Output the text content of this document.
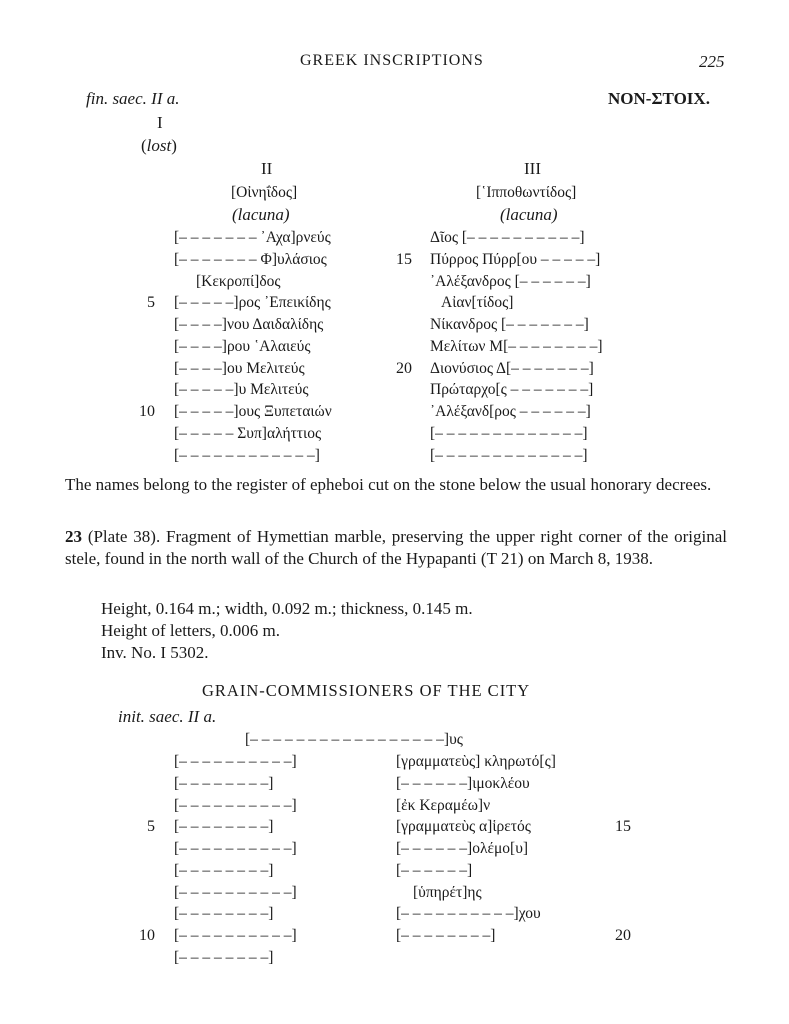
GREEK INSCRIPTIONS	225
fin. saec. II a.	NON-ΣΤΟΙΧ.
I
(lost)
II
[Οἰνηΐδος]
(lacuna)
III
[῾Ιπποθωντίδος]
(lacuna)
[– – – – – – – ᾿Αχα]ρνεύς
[– – – – – – – Φ]υλάσιος
[Κεκροπί]δος
[– – – – –]ρος ᾿Επεικίδης
[– – – –]νου Δαιδαλίδης
[– – – –]ρου ῾Αλαιεύς
[– – – –]ου Μελιτεύς
[– – – – –]υ Μελιτεύς
[– – – – –]ους Ξυπεταιών
[– – – – – Συπ]αλήττιος
[– – – – – – – – – – – –]
5
10
Δῖος [– – – – – – – – – –]
Πύρρος Πύρρ[ου – – – – –]
᾿Αλέξανδρος [– – – – – –]
Αἰαν[τίδος]
Νίκανδρος [– – – – – – –]
Μελίτων Μ[– – – – – – – –]
Διονύσιος Δ[– – – – – – –]
Πρώταρχο[ς – – – – – – –]
᾿Αλέξανδ[ρος – – – – – –]
[– – – – – – – – – – – – –]
[– – – – – – – – – – – – –]
15
20
The names belong to the register of epheboi cut on the stone below the usual honorary decrees.
23 (Plate 38). Fragment of Hymettian marble, preserving the upper right corner of the original stele, found in the north wall of the Church of the Hypapanti (T 21) on March 8, 1938.
Height, 0.164 m.; width, 0.092 m.; thickness, 0.145 m.
Height of letters, 0.006 m.
Inv. No. I 5302.
GRAIN-COMMISSIONERS OF THE CITY
init. saec. II a.
[– – – – – – – – – – – – – – – – –]υς
[– – – – – – – – – –]
[– – – – – – – –]
[– – – – – – – – – –]
[– – – – – – – –]
[– – – – – – – – – –]
[– – – – – – – –]
[– – – – – – – – – –]
[– – – – – – – –]
[– – – – – – – – – –]
[– – – – – – – –]
5
10
[γραμματεὺς] κληρωτό[ς]
[– – – – – –]ιμοκλέου
[ἐκ Κεραμέω]ν
[γραμματεὺς α]ἱρετός
[– – – – – –]ολέμο[υ]
[– – – – – –]
[ὑπηρέτ]ης
[– – – – – – – – – –]χου
[– – – – – – – –]
15
20
